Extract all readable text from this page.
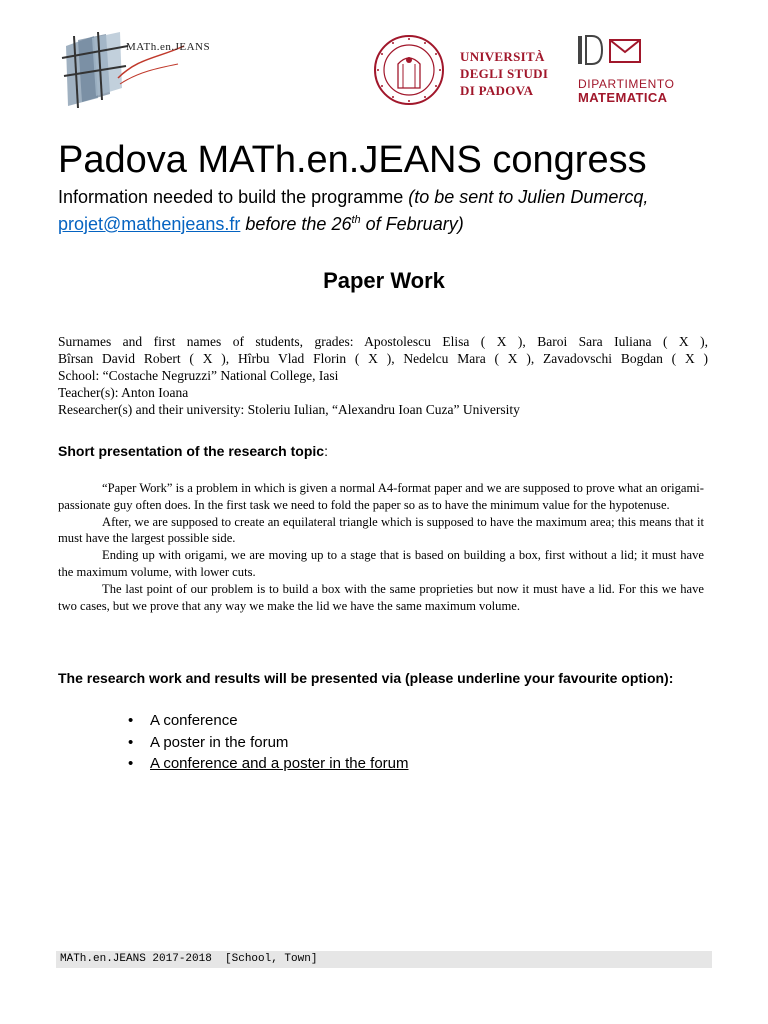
MATh.en.JEANS
UNIVERSITÀ
DEGLI STUDI
DI PADOVA	DIPARTIMENTO
MATEMATICA
Padova MATh.en.JEANS congress
Information needed to build the programme (to be sent to Julien Dumercq,
projet@mathenjeans.fr before the 26th of February)
Paper Work

Surnames and first names of students, grades: Apostolescu Elisa ( X ), Baroi Sara Iuliana ( X ),

Bîrsan David Robert ( X ), Hîrbu Vlad Florin ( X ), Nedelcu Mara ( X ), Zavadovschi Bogdan ( X )

School: “Costache Negruzzi” National College, Iasi

Teacher(s): Anton Ioana

Researcher(s) and their university: Stoleriu Iulian, “Alexandru Ioan Cuza” University

Short presentation of the research topic:

“Paper Work” is a problem in which is given a normal A4-format paper and we are supposed to prove what an origami-passionate guy often does. In the first task we need to fold the paper so as to have the minimum value for the hypotenuse.

After, we are supposed to create an equilateral triangle which is supposed to have the maximum area; this means that it must have the largest possible side.

Ending up with origami, we are moving up to a stage that is based on building a box, first without a lid; it must have the maximum volume, with lower cuts.

The last point of our problem is to build a box with the same proprieties but now it must have a lid. For this we have two cases, but we prove that any way we make the lid we have the same maximum volume.

The research work and results will be presented via (please underline your favourite option):
• A conference
• A poster in the forum
• A conference and a poster in the forum
MATh.en.JEANS 2017-2018  [School, Town]
